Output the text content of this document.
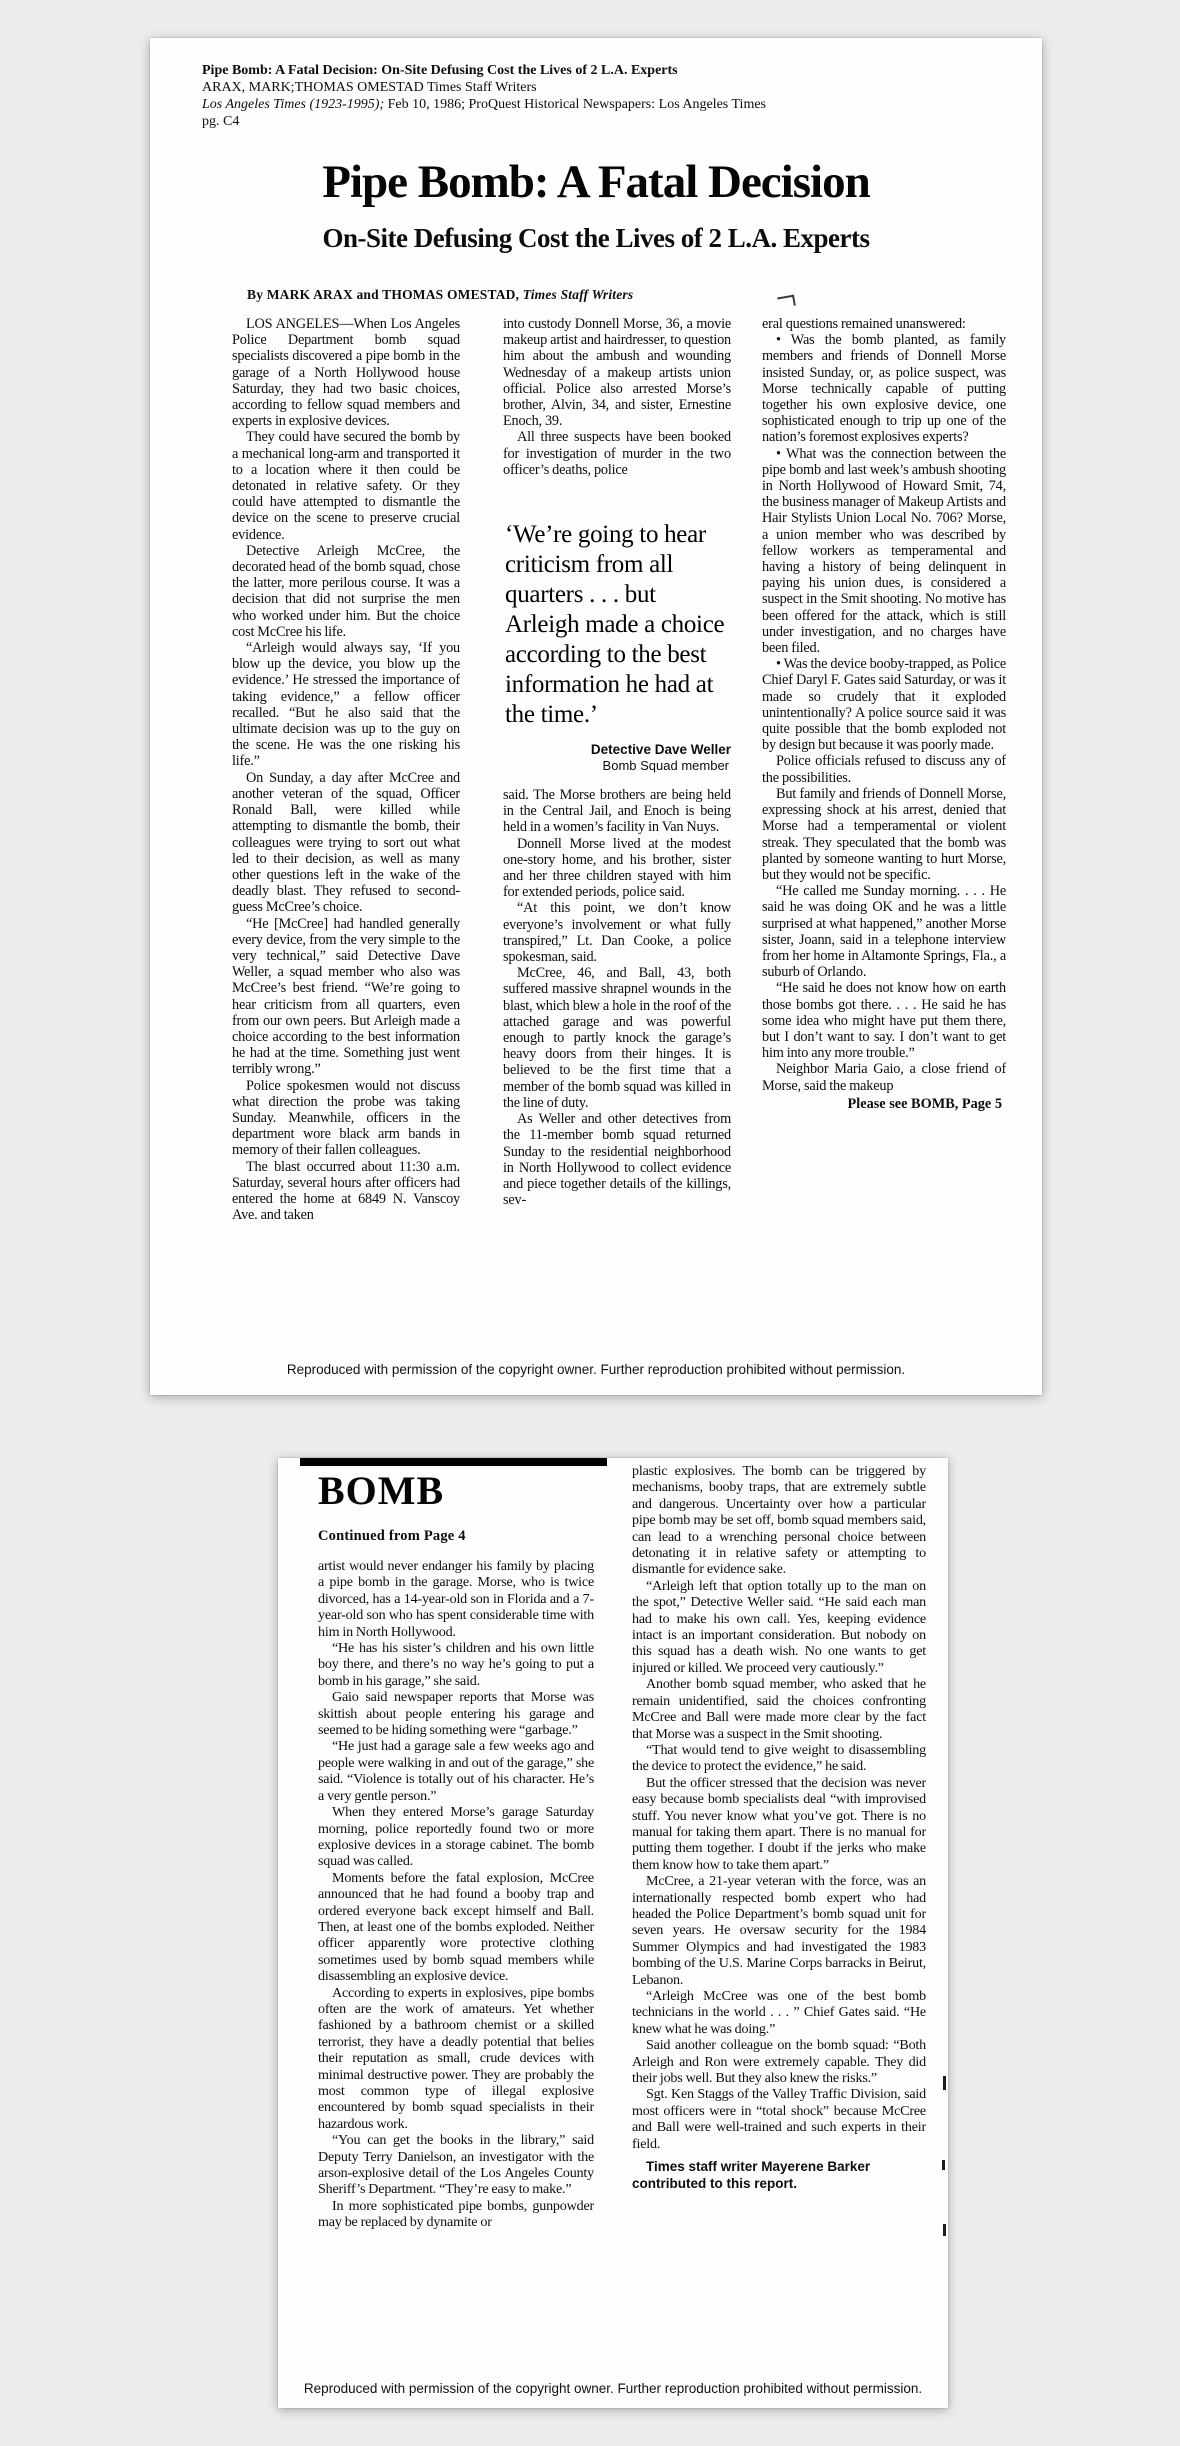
Pipe Bomb: A Fatal Decision: On-Site Defusing Cost the Lives of 2 L.A. Experts
ARAX, MARK;THOMAS OMESTAD Times Staff Writers
Los Angeles Times (1923-1995); Feb 10, 1986; ProQuest Historical Newspapers: Los Angeles Times
pg. C4
Pipe Bomb: A Fatal Decision
On-Site Defusing Cost the Lives of 2 L.A. Experts
By MARK ARAX and THOMAS OMESTAD, Times Staff Writers

LOS ANGELES—When Los Angeles Police Department bomb squad specialists discovered a pipe bomb in the garage of a North Hollywood house Saturday, they had two basic choices, according to fellow squad members and experts in explosive devices.

They could have secured the bomb by a mechanical long-arm and transported it to a location where it then could be detonated in relative safety. Or they could have attempted to dismantle the device on the scene to preserve crucial evidence.

Detective Arleigh McCree, the decorated head of the bomb squad, chose the latter, more perilous course. It was a decision that did not surprise the men who worked under him. But the choice cost McCree his life.

“Arleigh would always say, ‘If you blow up the device, you blow up the evidence.’ He stressed the importance of taking evidence,” a fellow officer recalled. “But he also said that the ultimate decision was up to the guy on the scene. He was the one risking his life.”

On Sunday, a day after McCree and another veteran of the squad, Officer Ronald Ball, were killed while attempting to dismantle the bomb, their colleagues were trying to sort out what led to their decision, as well as many other questions left in the wake of the deadly blast. They refused to second-guess McCree’s choice.

“He [McCree] had handled generally every device, from the very simple to the very technical,” said Detective Dave Weller, a squad member who also was McCree’s best friend. “We’re going to hear criticism from all quarters, even from our own peers. But Arleigh made a choice according to the best information he had at the time. Something just went terribly wrong.”

Police spokesmen would not discuss what direction the probe was taking Sunday. Meanwhile, officers in the department wore black arm bands in memory of their fallen colleagues.

The blast occurred about 11:30 a.m. Saturday, several hours after officers had entered the home at 6849 N. Vanscoy Ave. and taken

into custody Donnell Morse, 36, a movie makeup artist and hairdresser, to question him about the ambush and wounding Wednesday of a makeup artists union official. Police also arrested Morse’s brother, Alvin, 34, and sister, Ernestine Enoch, 39.

All three suspects have been booked for investigation of murder in the two officer’s deaths, police

‘We’re going to hear criticism from all quarters . . . but Arleigh made a choice according to the best information he had at the time.’
Detective Dave Weller
Bomb Squad member

said. The Morse brothers are being held in the Central Jail, and Enoch is being held in a women’s facility in Van Nuys.

Donnell Morse lived at the modest one-story home, and his brother, sister and her three children stayed with him for extended periods, police said.

“At this point, we don’t know everyone’s involvement or what fully transpired,” Lt. Dan Cooke, a police spokesman, said.

McCree, 46, and Ball, 43, both suffered massive shrapnel wounds in the blast, which blew a hole in the roof of the attached garage and was powerful enough to partly knock the garage’s heavy doors from their hinges. It is believed to be the first time that a member of the bomb squad was killed in the line of duty.

As Weller and other detectives from the 11-member bomb squad returned Sunday to the residential neighborhood in North Hollywood to collect evidence and piece together details of the killings, sev-

eral questions remained unanswered:

• Was the bomb planted, as family members and friends of Donnell Morse insisted Sunday, or, as police suspect, was Morse technically capable of putting together his own explosive device, one sophisticated enough to trip up one of the nation’s foremost explosives experts?

• What was the connection between the pipe bomb and last week’s ambush shooting in North Hollywood of Howard Smit, 74, the business manager of Makeup Artists and Hair Stylists Union Local No. 706? Morse, a union member who was described by fellow workers as temperamental and having a history of being delinquent in paying his union dues, is considered a suspect in the Smit shooting. No motive has been offered for the attack, which is still under investigation, and no charges have been filed.

• Was the device booby-trapped, as Police Chief Daryl F. Gates said Saturday, or was it made so crudely that it exploded unintentionally? A police source said it was quite possible that the bomb exploded not by design but because it was poorly made.

Police officials refused to discuss any of the possibilities.

But family and friends of Donnell Morse, expressing shock at his arrest, denied that Morse had a temperamental or violent streak. They speculated that the bomb was planted by someone wanting to hurt Morse, but they would not be specific.

“He called me Sunday morning. . . . He said he was doing OK and he was a little surprised at what happened,” another Morse sister, Joann, said in a telephone interview from her home in Altamonte Springs, Fla., a suburb of Orlando.

“He said he does not know how on earth those bombs got there. . . . He said he has some idea who might have put them there, but I don’t want to say. I don’t want to get him into any more trouble.”

Neighbor Maria Gaio, a close friend of Morse, said the makeup

Please see BOMB, Page 5
Reproduced with permission of the copyright owner. Further reproduction prohibited without permission.
BOMB
Continued from Page 4

artist would never endanger his family by placing a pipe bomb in the garage. Morse, who is twice divorced, has a 14-year-old son in Florida and a 7-year-old son who has spent considerable time with him in North Hollywood.

“He has his sister’s children and his own little boy there, and there’s no way he’s going to put a bomb in his garage,” she said.

Gaio said newspaper reports that Morse was skittish about people entering his garage and seemed to be hiding something were “garbage.”

“He just had a garage sale a few weeks ago and people were walking in and out of the garage,” she said. “Violence is totally out of his character. He’s a very gentle person.”

When they entered Morse’s garage Saturday morning, police reportedly found two or more explosive devices in a storage cabinet. The bomb squad was called.

Moments before the fatal explosion, McCree announced that he had found a booby trap and ordered everyone back except himself and Ball. Then, at least one of the bombs exploded. Neither officer apparently wore protective clothing sometimes used by bomb squad members while disassembling an explosive device.

According to experts in explosives, pipe bombs often are the work of amateurs. Yet whether fashioned by a bathroom chemist or a skilled terrorist, they have a deadly potential that belies their reputation as small, crude devices with minimal destructive power. They are probably the most common type of illegal explosive encountered by bomb squad specialists in their hazardous work.

“You can get the books in the library,” said Deputy Terry Danielson, an investigator with the arson-explosive detail of the Los Angeles County Sheriff’s Department. “They’re easy to make.”

In more sophisticated pipe bombs, gunpowder may be replaced by dynamite or

plastic explosives. The bomb can be triggered by mechanisms, booby traps, that are extremely subtle and dangerous. Uncertainty over how a particular pipe bomb may be set off, bomb squad members said, can lead to a wrenching personal choice between detonating it in relative safety or attempting to dismantle for evidence sake.

“Arleigh left that option totally up to the man on the spot,” Detective Weller said. “He said each man had to make his own call. Yes, keeping evidence intact is an important consideration. But nobody on this squad has a death wish. No one wants to get injured or killed. We proceed very cautiously.”

Another bomb squad member, who asked that he remain unidentified, said the choices confronting McCree and Ball were made more clear by the fact that Morse was a suspect in the Smit shooting.

“That would tend to give weight to disassembling the device to protect the evidence,” he said.

But the officer stressed that the decision was never easy because bomb specialists deal “with improvised stuff. You never know what you’ve got. There is no manual for taking them apart. There is no manual for putting them together. I doubt if the jerks who make them know how to take them apart.”

McCree, a 21-year veteran with the force, was an internationally respected bomb expert who had headed the Police Department’s bomb squad unit for seven years. He oversaw security for the 1984 Summer Olympics and had investigated the 1983 bombing of the U.S. Marine Corps barracks in Beirut, Lebanon.

“Arleigh McCree was one of the best bomb technicians in the world . . . ” Chief Gates said. “He knew what he was doing.”

Said another colleague on the bomb squad: “Both Arleigh and Ron were extremely capable. They did their jobs well. But they also knew the risks.”

Sgt. Ken Staggs of the Valley Traffic Division, said most officers were in “total shock” because McCree and Ball were well-trained and such experts in their field.

Times staff writer Mayerene Barker contributed to this report.
Reproduced with permission of the copyright owner. Further reproduction prohibited without permission.
